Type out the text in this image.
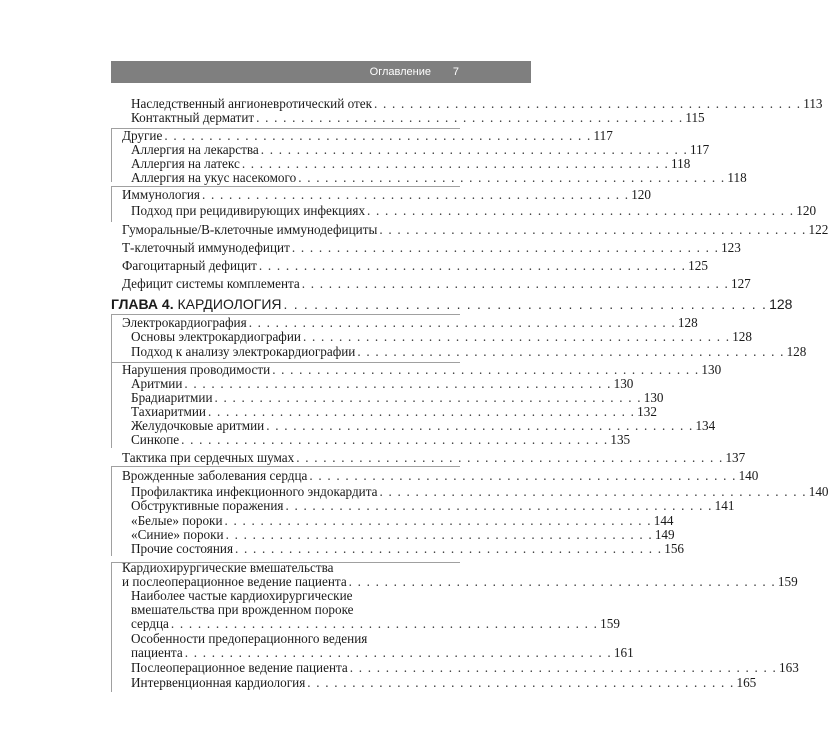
Оглавление 7
Наследственный ангионевротический отек . . . . . . . . . . . . . . . . . . . . . . . . . . . . . . . . . . . . . . . . . . . . . . . . 113
Контактный дерматит . . . . . . . . . . . . . . . . . . . . . . . . . . . . . . . . . . . . . . . . . . . . . . . . 115
Другие . . . . . . . . . . . . . . . . . . . . . . . . . . . . . . . . . . . . . . . . . . . . . . . . 117
Аллергия на лекарства . . . . . . . . . . . . . . . . . . . . . . . . . . . . . . . . . . . . . . . . . . . . . . . . 117
Аллергия на латекс . . . . . . . . . . . . . . . . . . . . . . . . . . . . . . . . . . . . . . . . . . . . . . . . 118
Аллергия на укус насекомого . . . . . . . . . . . . . . . . . . . . . . . . . . . . . . . . . . . . . . . . . . . . . . . . 118
Иммунология . . . . . . . . . . . . . . . . . . . . . . . . . . . . . . . . . . . . . . . . . . . . . . . . 120
Подход при рецидивирующих инфекциях . . . . . . . . . . . . . . . . . . . . . . . . . . . . . . . . . . . . . . . . . . . . . . . . 120
Гуморальные/В-клеточные иммунодефициты . . . . . . . . . . . . . . . . . . . . . . . . . . . . . . . . . . . . . . . . . . . . . . . . 122
Т-клеточный иммунодефицит . . . . . . . . . . . . . . . . . . . . . . . . . . . . . . . . . . . . . . . . . . . . . . . . 123
Фагоцитарный дефицит . . . . . . . . . . . . . . . . . . . . . . . . . . . . . . . . . . . . . . . . . . . . . . . . 125
Дефицит системы комплемента . . . . . . . . . . . . . . . . . . . . . . . . . . . . . . . . . . . . . . . . . . . . . . . . 127
ГЛАВА 4. КАРДИОЛОГИЯ . . . . . . . . . . . . . . . . . . . . . . . . . . . . . . . . . . . . . . . . . . . . . . . . 128
Электрокардиография . . . . . . . . . . . . . . . . . . . . . . . . . . . . . . . . . . . . . . . . . . . . . . . . 128
Основы электрокардиографии . . . . . . . . . . . . . . . . . . . . . . . . . . . . . . . . . . . . . . . . . . . . . . . . 128
Подход к анализу электрокардиографии . . . . . . . . . . . . . . . . . . . . . . . . . . . . . . . . . . . . . . . . . . . . . . . . 128
Нарушения проводимости . . . . . . . . . . . . . . . . . . . . . . . . . . . . . . . . . . . . . . . . . . . . . . . . 130
Аритмии . . . . . . . . . . . . . . . . . . . . . . . . . . . . . . . . . . . . . . . . . . . . . . . . 130
Брадиаритмии . . . . . . . . . . . . . . . . . . . . . . . . . . . . . . . . . . . . . . . . . . . . . . . . 130
Тахиаритмии . . . . . . . . . . . . . . . . . . . . . . . . . . . . . . . . . . . . . . . . . . . . . . . . 132
Желудочковые аритмии . . . . . . . . . . . . . . . . . . . . . . . . . . . . . . . . . . . . . . . . . . . . . . . . 134
Синкопе . . . . . . . . . . . . . . . . . . . . . . . . . . . . . . . . . . . . . . . . . . . . . . . . 135
Тактика при сердечных шумах . . . . . . . . . . . . . . . . . . . . . . . . . . . . . . . . . . . . . . . . . . . . . . . . 137
Врожденные заболевания сердца . . . . . . . . . . . . . . . . . . . . . . . . . . . . . . . . . . . . . . . . . . . . . . . . 140
Профилактика инфекционного эндокардита . . . . . . . . . . . . . . . . . . . . . . . . . . . . . . . . . . . . . . . . . . . . . . . . 140
Обструктивные поражения . . . . . . . . . . . . . . . . . . . . . . . . . . . . . . . . . . . . . . . . . . . . . . . . 141
«Белые» пороки . . . . . . . . . . . . . . . . . . . . . . . . . . . . . . . . . . . . . . . . . . . . . . . . 144
«Синие» пороки . . . . . . . . . . . . . . . . . . . . . . . . . . . . . . . . . . . . . . . . . . . . . . . . 149
Прочие состояния . . . . . . . . . . . . . . . . . . . . . . . . . . . . . . . . . . . . . . . . . . . . . . . . 156
Кардиохирургические вмешательства
и послеоперационное ведение пациента . . . . . . . . . . . . . . . . . . . . . . . . . . . . . . . . . . . . . . . . . . . . . . . . 159
Наиболее частые кардиохирургические
вмешательства при врожденном пороке
сердца . . . . . . . . . . . . . . . . . . . . . . . . . . . . . . . . . . . . . . . . . . . . . . . . 159
Особенности предоперационного ведения
пациента . . . . . . . . . . . . . . . . . . . . . . . . . . . . . . . . . . . . . . . . . . . . . . . . 161
Послеоперационное ведение пациента . . . . . . . . . . . . . . . . . . . . . . . . . . . . . . . . . . . . . . . . . . . . . . . . 163
Интервенционная кардиология . . . . . . . . . . . . . . . . . . . . . . . . . . . . . . . . . . . . . . . . . . . . . . . . 165
